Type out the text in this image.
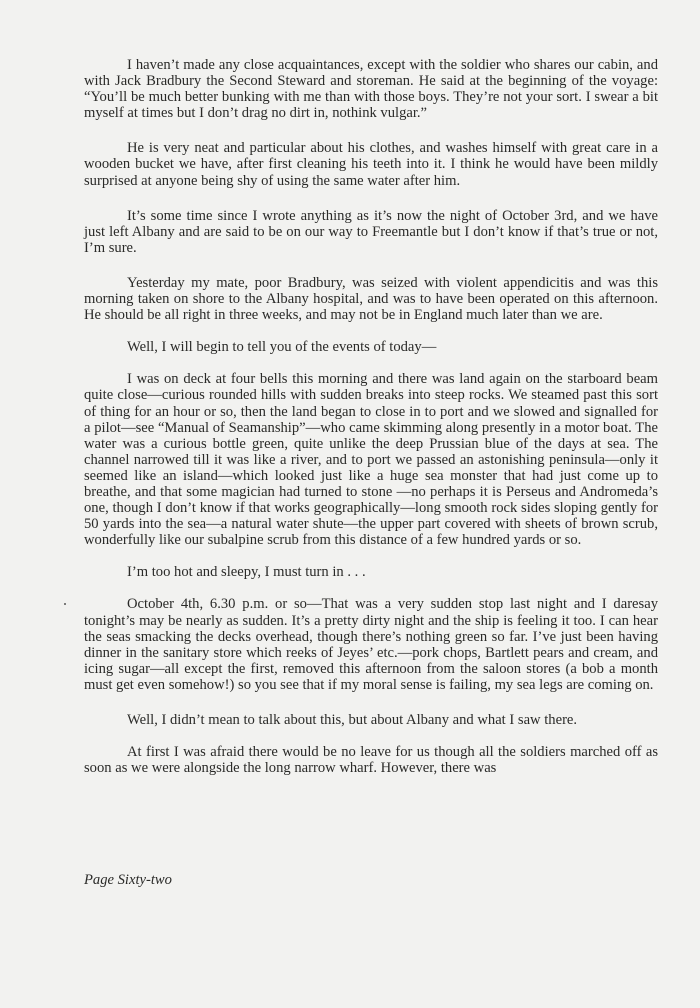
I haven’t made any close acquaintances, except with the soldier who shares our cabin, and with Jack Bradbury the Second Steward and storeman. He said at the beginning of the voyage: “You’ll be much better bunking with me than with those boys. They’re not your sort. I swear a bit myself at times but I don’t drag no dirt in, nothink vulgar.”

He is very neat and particular about his clothes, and washes himself with great care in a wooden bucket we have, after first cleaning his teeth into it. I think he would have been mildly surprised at anyone being shy of using the same water after him.

It’s some time since I wrote anything as it’s now the night of October 3rd, and we have just left Albany and are said to be on our way to Freemantle but I don’t know if that’s true or not, I’m sure.

Yesterday my mate, poor Bradbury, was seized with violent appendicitis and was this morning taken on shore to the Albany hospital, and was to have been operated on this afternoon. He should be all right in three weeks, and may not be in England much later than we are.

Well, I will begin to tell you of the events of today—

I was on deck at four bells this morning and there was land again on the starboard beam quite close—curious rounded hills with sudden breaks into steep rocks. We steamed past this sort of thing for an hour or so, then the land began to close in to port and we slowed and signalled for a pilot—see “Manual of Seamanship”—who came skimming along presently in a motor boat. The water was a curious bottle green, quite unlike the deep Prussian blue of the days at sea. The channel narrowed till it was like a river, and to port we passed an astonishing peninsula—only it seemed like an island—which looked just like a huge sea monster that had just come up to breathe, and that some magician had turned to stone —no perhaps it is Perseus and Andromeda’s one, though I don’t know if that works geographically—long smooth rock sides sloping gently for 50 yards into the sea—a natural water shute—the upper part covered with sheets of brown scrub, wonderfully like our subalpine scrub from this distance of a few hundred yards or so.

I’m too hot and sleepy, I must turn in . . .

October 4th, 6.30 p.m. or so—That was a very sudden stop last night and I daresay tonight’s may be nearly as sudden. It’s a pretty dirty night and the ship is feeling it too. I can hear the seas smacking the decks overhead, though there’s nothing green so far. I’ve just been having dinner in the sanitary store which reeks of Jeyes’ etc.—pork chops, Bartlett pears and cream, and icing sugar—all except the first, removed this afternoon from the saloon stores (a bob a month must get even somehow!) so you see that if my moral sense is failing, my sea legs are coming on.

Well, I didn’t mean to talk about this, but about Albany and what I saw there.

At first I was afraid there would be no leave for us though all the soldiers marched off as soon as we were alongside the long narrow wharf. However, there was

Page Sixty-two
